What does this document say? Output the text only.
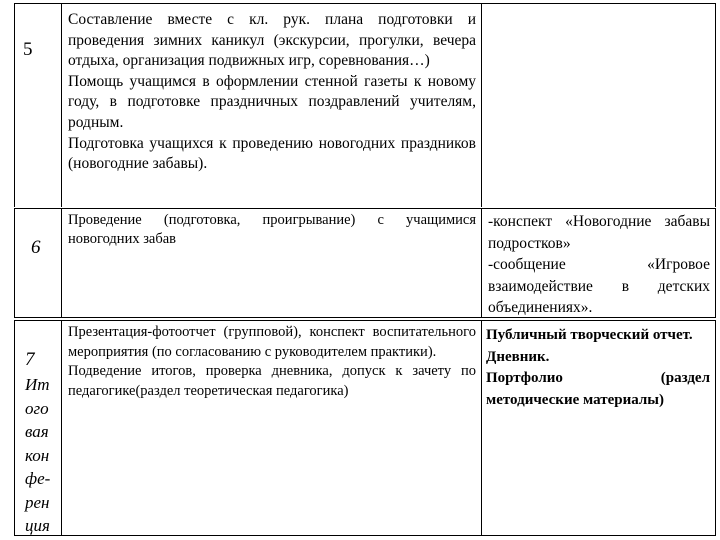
5

Составление вместе с кл. рук. плана подготовки и проведения зимних каникул (экскурсии, прогулки, вечера отдыха, организация подвижных игр, соревнования…)

Помощь учащимся в оформлении стенной газеты к новому году, в подготовке праздничных поздравлений учителям, родным.

Подготовка учащихся к проведению новогодних праздников (новогодние забавы).

6

Проведение (подготовка, проигрывание) с учащимися новогодних забав

-конспект «Новогодние забавы подростков»

-сообщение «Игровое взаимодействие в детских объединениях».

7
Ит
ого
вая
кон
фе-
рен
ция

Презентация-фотоотчет (групповой), конспект воспитательного мероприятия (по согласованию с руководителем практики).

Подведение итогов, проверка дневника, допуск к зачету по педагогике(раздел теоретическая педагогика)

Публичный творческий отчет.

Дневник.

Портфолио (раздел методические материалы)
